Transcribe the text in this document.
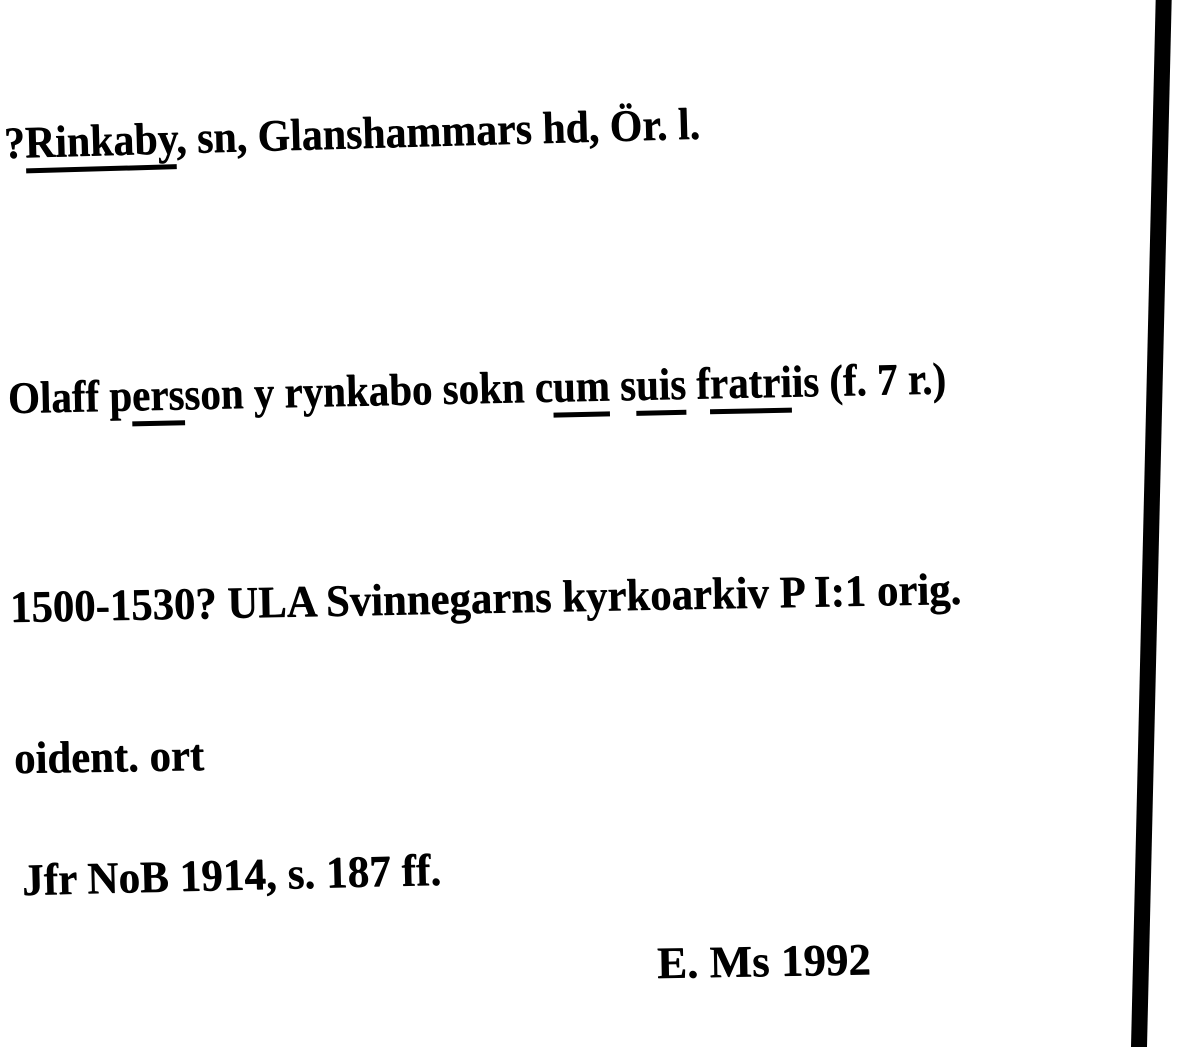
?Rinkaby, sn, Glanshammars hd, Ör. l.
Olaff persson y rynkabo sokn cum suis fratriis (f. 7 r.)
1500-1530? ULA Svinnegarns kyrkoarkiv P I:1 orig.
oident. ort
Jfr NoB 1914, s. 187 ff.
E. Ms 1992
